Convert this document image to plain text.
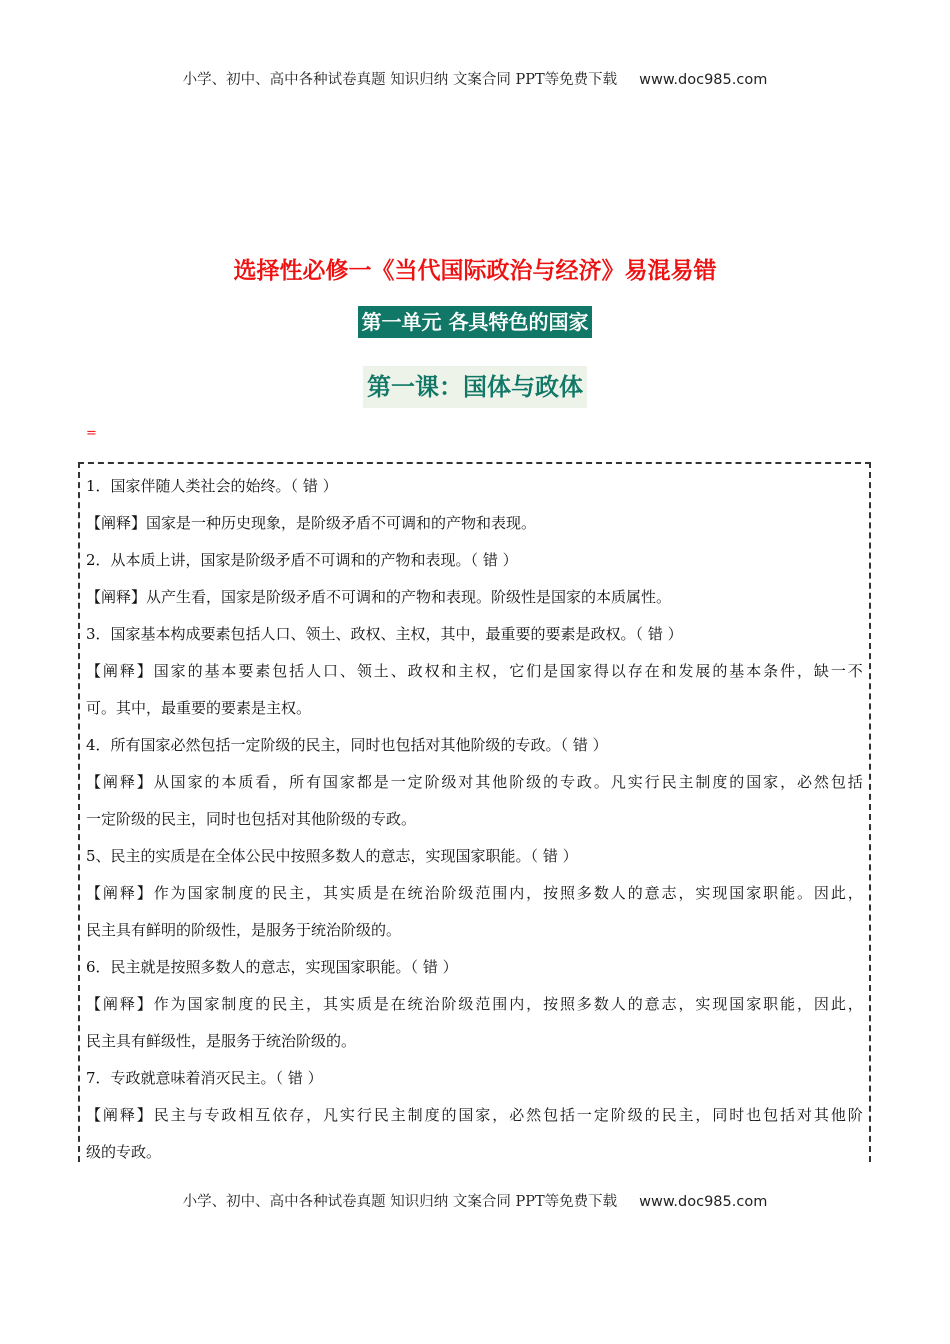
小学、初中、高中各种试卷真题 知识归纳 文案合同 PPT等免费下载 www.doc985.com
选择性必修一《当代国际政治与经济》易混易错
第一单元 各具特色的国家
第一课：国体与政体
=
1．国家伴随人类社会的始终。（ 错 ）
【阐释】国家是一种历史现象，是阶级矛盾不可调和的产物和表现。
2．从本质上讲，国家是阶级矛盾不可调和的产物和表现。（ 错 ）
【阐释】从产生看，国家是阶级矛盾不可调和的产物和表现。阶级性是国家的本质属性。
3．国家基本构成要素包括人口、领土、政权、主权，其中，最重要的要素是政权。（ 错 ）
【阐释】国家的基本要素包括人口、领土、政权和主权，它们是国家得以存在和发展的基本条件，缺一不
可。其中，最重要的要素是主权。
4．所有国家必然包括一定阶级的民主，同时也包括对其他阶级的专政。（ 错 ）
【阐释】从国家的本质看，所有国家都是一定阶级对其他阶级的专政。凡实行民主制度的国家，必然包括
一定阶级的民主，同时也包括对其他阶级的专政。
5、民主的实质是在全体公民中按照多数人的意志，实现国家职能。（ 错 ）
【阐释】作为国家制度的民主，其实质是在统治阶级范围内，按照多数人的意志，实现国家职能。因此，
民主具有鲜明的阶级性，是服务于统治阶级的。
6．民主就是按照多数人的意志，实现国家职能。（ 错 ）
【阐释】作为国家制度的民主，其实质是在统治阶级范围内，按照多数人的意志，实现国家职能，因此，
民主具有鲜级性，是服务于统治阶级的。
7．专政就意味着消灭民主。（ 错 ）
【阐释】民主与专政相互依存，凡实行民主制度的国家，必然包括一定阶级的民主，同时也包括对其他阶
级的专政。
小学、初中、高中各种试卷真题 知识归纳 文案合同 PPT等免费下载 www.doc985.com
